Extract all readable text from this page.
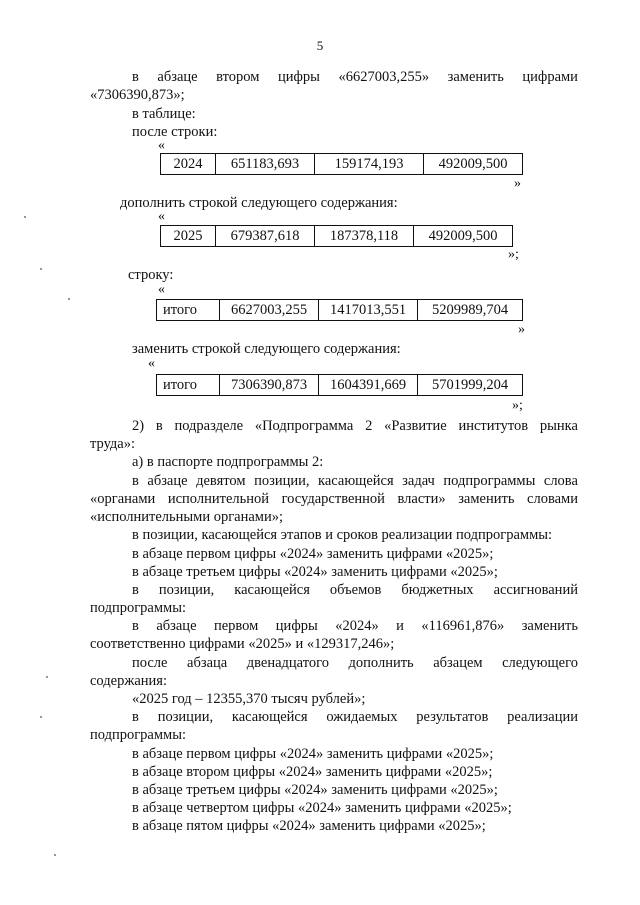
5
в абзаце втором цифры «6627003,255» заменить цифрами
«7306390,873»;
в таблице:
после строки:
«
2024	651183,693	159174,193	492009,500
»
дополнить строкой следующего содержания:
«
2025	679387,618	187378,118	492009,500
»;
строку:
«
итого	6627003,255	1417013,551	5209989,704
»
заменить строкой следующего содержания:
«
итого	7306390,873	1604391,669	5701999,204
»;
2) в подразделе «Подпрограмма 2 «Развитие институтов рынка
труда»:
а) в паспорте подпрограммы 2:
в абзаце девятом позиции, касающейся задач подпрограммы слова
«органами исполнительной государственной власти» заменить словами
«исполнительными органами»;
в позиции, касающейся этапов и сроков реализации подпрограммы:
в абзаце первом цифры «2024» заменить цифрами «2025»;
в абзаце третьем цифры «2024» заменить цифрами «2025»;
в позиции, касающейся объемов бюджетных ассигнований
подпрограммы:
в абзаце первом цифры «2024» и «116961,876» заменить
соответственно цифрами «2025» и «129317,246»;
после абзаца двенадцатого дополнить абзацем следующего
содержания:
«2025 год – 12355,370 тысяч рублей»;
в позиции, касающейся ожидаемых результатов реализации
подпрограммы:
в абзаце первом цифры «2024» заменить цифрами «2025»;
в абзаце втором цифры «2024» заменить цифрами «2025»;
в абзаце третьем цифры «2024» заменить цифрами «2025»;
в абзаце четвертом цифры «2024» заменить цифрами «2025»;
в абзаце пятом цифры «2024» заменить цифрами «2025»;
